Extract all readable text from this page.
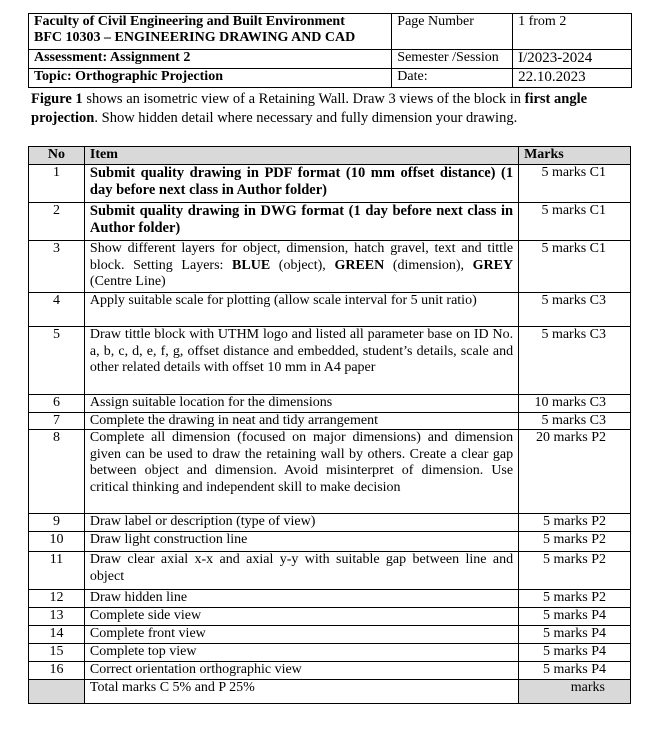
Faculty of Civil Engineering and Built Environment
BFC 10303 – ENGINEERING DRAWING AND CAD	Page Number	1 from 2
Assessment: Assignment 2	Semester /Session	I/2023-2024
Topic: Orthographic Projection	Date:	22.10.2023
Figure 1 shows an isometric view of a Retaining Wall. Draw 3 views of the block in first angle projection. Show hidden detail where necessary and fully dimension your drawing.
No	Item	Marks
1	Submit quality drawing in PDF format (10 mm offset distance) (1 day before next class in Author folder)	5 marks C1
2	Submit quality drawing in DWG format (1 day before next class in Author folder)	5 marks C1
3	Show different layers for object, dimension, hatch gravel, text and tittle block. Setting Layers: BLUE (object), GREEN (dimension), GREY (Centre Line)	5 marks C1
4	Apply suitable scale for plotting (allow scale interval for 5 unit ratio)	5 marks C3
5	Draw tittle block with UTHM logo and listed all parameter base on ID No. a, b, c, d, e, f, g, offset distance and embedded, student’s details, scale and other related details with offset 10 mm in A4 paper	5 marks C3
6	Assign suitable location for the dimensions	10 marks C3
7	Complete the drawing in neat and tidy arrangement	5 marks C3
8	Complete all dimension (focused on major dimensions) and dimension given can be used to draw the retaining wall by others. Create a clear gap between object and dimension. Avoid misinterpret of dimension. Use critical thinking and independent skill to make decision	20 marks P2
9	Draw label or description (type of view)	5 marks P2
10	Draw light construction line	5 marks P2
11	Draw clear axial x-x and axial y-y with suitable gap between line and object	5 marks P2
12	Draw hidden line	5 marks P2
13	Complete side view	5 marks P4
14	Complete front view	5 marks P4
15	Complete top view	5 marks P4
16	Correct orientation orthographic view	5 marks P4
	Total marks C 5% and P 25%	marks
